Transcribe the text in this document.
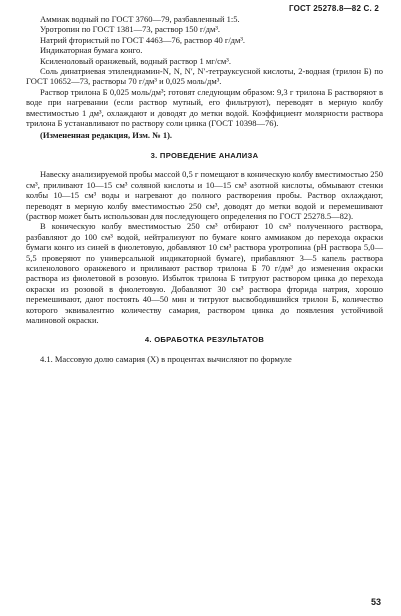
ГОСТ 25278.8—82 С. 2
Аммиак водный по ГОСТ 3760—79, разбавленный 1:5.
Уротропин по ГОСТ 1381—73, раствор 150 г/дм³.
Натрий фтористый по ГОСТ 4463—76, раствор 40 г/дм³.
Индикаторная бумага конго.
Ксиленоловый оранжевый, водный раствор 1 мг/см³.

Соль динатриевая этилендиамин-N, N, N′, N′-тетрауксусной кислоты, 2-водная (трилон Б) по ГОСТ 10652—73, растворы 70 г/дм³ и 0,025 моль/дм³.

Раствор трилона Б 0,025 моль/дм³; готовят следующим образом: 9,3 г трилона Б растворяют в воде при нагревании (если раствор мутный, его фильтруют), переводят в мерную колбу вместимостью 1 дм³, охлаждают и доводят до метки водой. Коэффициент молярности раствора трилона Б устанавливают по раствору соли цинка (ГОСТ 10398—76).

(Измененная редакция, Изм. № 1).

3. ПРОВЕДЕНИЕ АНАЛИЗА

Навеску анализируемой пробы массой 0,5 г помещают в коническую колбу вместимостью 250 см³, приливают 10—15 см³ соляной кислоты и 10—15 см³ азотной кислоты, обмывают стенки колбы 10—15 см³ воды и нагревают до полного растворения пробы. Раствор охлаждают, переводят в мерную колбу вместимостью 250 см³, доводят до метки водой и перемешивают (раствор может быть использован для последующего определения по ГОСТ 25278.5—82).

В коническую колбу вместимостью 250 см³ отбирают 10 см³ полученного раствора, разбавляют до 100 см³ водой, нейтрализуют по бумаге конго аммиаком до перехода окраски бумаги конго из синей в фиолетовую, добавляют 10 см³ раствора уротропина (рН раствора 5,0—5,5 проверяют по универсальной индикаторной бумаге), прибавляют 3—5 капель раствора ксиленолового оранжевого и приливают раствор трилона Б 70 г/дм³ до изменения окраски раствора из фиолетовой в розовую. Избыток трилона Б титруют раствором цинка до перехода окраски из розовой в фиолетовую. Добавляют 30 см³ раствора фторида натрия, хорошо перемешивают, дают постоять 40—50 мин и титруют высвободившийся трилон Б, количество которого эквивалентно количеству самария, раствором цинка до появления устойчивой малиновой окраски.

4. ОБРАБОТКА РЕЗУЛЬТАТОВ

4.1. Массовую долю самария (X) в процентах вычисляют по формуле

53
